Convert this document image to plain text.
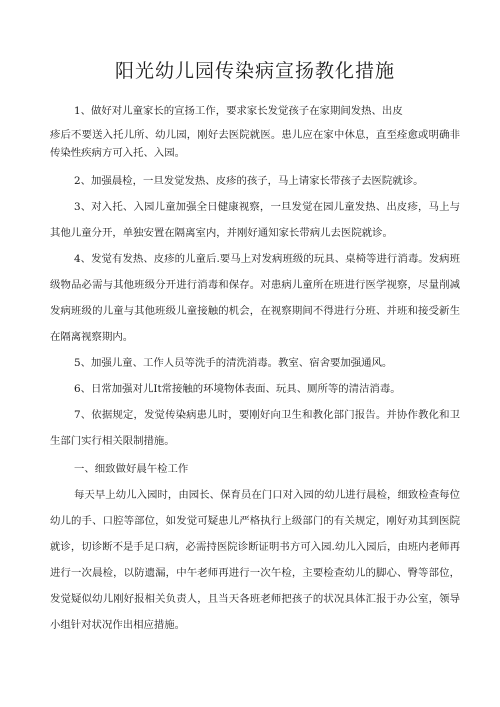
阳光幼儿园传染病宣扬教化措施

1、做好对儿童家长的宣扬工作，要求家长发觉孩子在家期间发热、出皮

疹后不要送入托儿所、幼儿园，刚好去医院就医。患儿应在家中休息，直至痊愈或明确非传染性疾病方可入托、入园。

2、加强晨检，一旦发觉发热、皮疹的孩子，马上请家长带孩子去医院就诊。

3、对入托、入园儿童加强全日健康视察，一旦发觉在园儿童发热、出皮疹，马上与其他儿童分开，单独安置在隔离室内，并刚好通知家长带病儿去医院就诊。

4、发觉有发热、皮疹的儿童后.要马上对发病班级的玩具、桌椅等进行消毒。发病班级物品必需与其他班级分开进行消毒和保存。对患病儿童所在班进行医学视察，尽量削减发病班级的儿童与其他班级儿童接触的机会，在视察期间不得进行分班、并班和接受新生在隔离视察期内。

5、加强儿童、工作人员等洗手的清洗消毒。教室、宿舍要加强通风。

6、日常加强对儿It常接触的环境物体表面、玩具、厕所等的清洁消毒。

7、依据规定，发觉传染病患儿时，要刚好向卫生和教化部门报告。并协作教化和卫生部门实行相关限制措施。

一、细致做好晨午检工作

每天早上幼儿入园时，由园长、保育员在门口对入园的幼儿进行晨检，细致检查每位幼儿的手、口腔等部位，如发觉可疑患儿严格执行上级部门的有关规定，刚好劝其到医院就诊，切诊断不是手足口病，必需持医院诊断证明书方可入园.幼儿入园后，由班内老师再进行一次晨检，以防遗漏，中午老师再进行一次午检，主要检查幼儿的脚心、臀等部位，发觉疑似幼儿刚好报相关负责人，且当天各班老师把孩子的状况具体汇报于办公室，领导小组针对状况作出相应措施。
